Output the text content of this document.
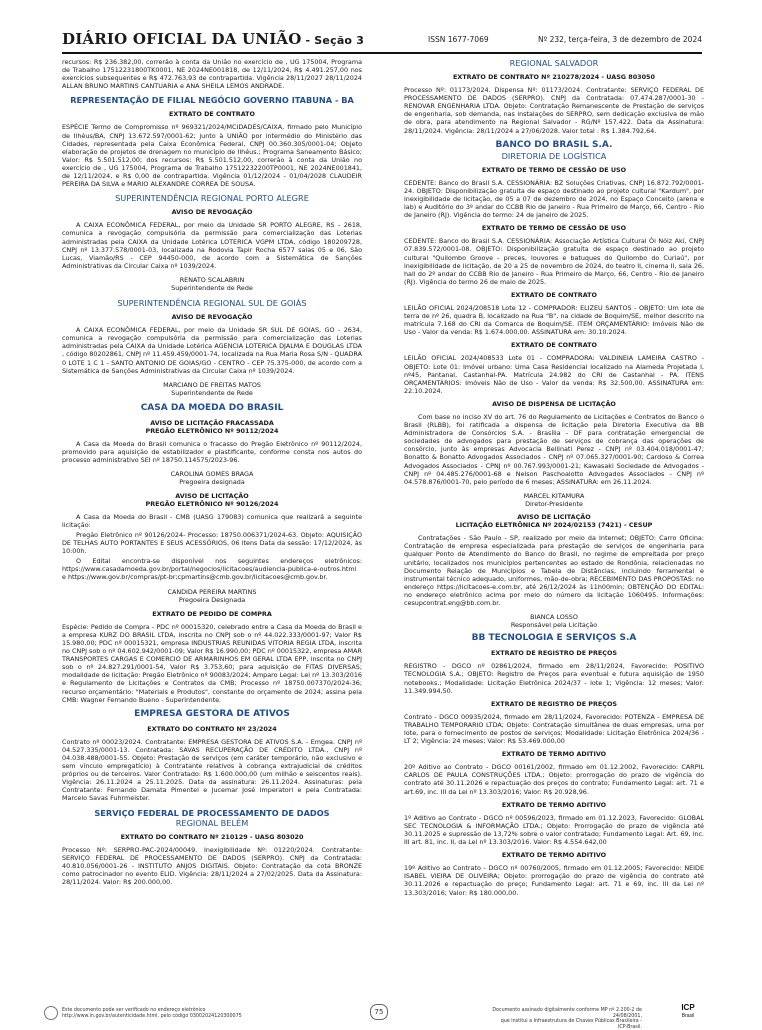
DIÁRIO OFICIAL DA UNIÃO - Seção 3	ISSN 1677-7069	Nº 232, terça-feira, 3 de dezembro de 2024

recursos: R$ 236.382,00, correrão à conta da União no exercício de , UG 175004, Programa de Trabalho 17512231800TK0001, NE 2024NE001818, de 12/11/2024, R$ 4.491.257,00 nos exercícios subsequentes e R$ 472.763,93 de contrapartida. Vigência 28/11/2027 28/11/2024 ALLAN BRUNO MARTINS CANTUARIA e ANA SHEILA LEMOS ANDRADE.

REPRESENTAÇÃO DE FILIAL NEGÓCIO GOVERNO ITABUNA - BA
EXTRATO DE CONTRATO

ESPÉCIE Termo de Compromisso nº 969321/2024/MCIDADES/CAIXA, firmado pelo Município de Ilhéus/BA, CNPJ 13.672.597/0001-62; junto à UNIÃO por intermédio do Ministério das Cidades, representada pela Caixa Econômica Federal, CNPJ 00.360.305/0001-04; Objeto elaboração de projetos de drenagem no município de Ilhéus.; Programa Saneamento Básico; Valor: R$ 5.501.512,00; dos recursos: R$ 5.501.512,00, correrão à conta da União no exercício de , UG 175004, Programa de Trabalho 17512232200TP0001, NE 2024NE001841, de 12/11/2024, e R$ 0,00 de contrapartida. Vigência 01/12/2024 - 01/04/2028 CLAUDEIR PEREIRA DA SILVA e MARIO ALEXANDRE CORREA DE SOUSA.

SUPERINTENDÊNCIA REGIONAL PORTO ALEGRE
AVISO DE REVOGAÇÃO

A CAIXA ECONÔMICA FEDERAL, por meio da Unidade SR PORTO ALEGRE, RS - 2618, comunica a revogação compulsória da permissão para comercialização das Loterias administradas pela CAIXA da Unidade Lotérica LOTERICA VGPM LTDA, código 180209728, CNPJ nº 13.377.578/0001-03, localizada na Rodovia Tapir Rocha 6577 salas 05 e 06, São Lucas, Viamão/RS - CEP 94450-000, de acordo com a Sistemática de Sanções Administrativas da Circular Caixa nº 1039/2024.

RENATO SCALABRIN
Superintendente de Rede
SUPERINTENDÊNCIA REGIONAL SUL DE GOIÁS
AVISO DE REVOGAÇÃO

A CAIXA ECONÔMICA FEDERAL, por meio da Unidade SR SUL DE GOIAS, GO - 2634, comunica a revogação compulsória da permissão para comercialização das Loterias administradas pela CAIXA da Unidade Lotérica AGENCIA LOTERICA DJALMA E DOUGLAS LTDA , código 80202861, CNPJ nº 11.459.459/0001-74, localizada na Rua Maria Rosa S/N - QUADRA 0 LOTE 1 C 1 - SANTO ANTONIO DE GOIAS/GO - CENTRO - CEP 75.375-000, de acordo com a Sistemática de Sanções Administrativas da Circular Caixa nº 1039/2024.

MARCIANO DE FREITAS MATOS
Superintendente de Rede
CASA DA MOEDA DO BRASIL
AVISO DE LICITAÇÃO FRACASSADA
PREGÃO ELETRÔNICO Nº 90112/2024

A Casa da Moeda do Brasil comunica o fracasso do Pregão Eletrônico nº 90112/2024, promovido para aquisição de estabilizador e plastificante, conforme consta nos autos do processo administrativo SEI nº 18750.114575/2023-96.

CAROLINA GOMES BRAGA
Pregoeira designada
AVISO DE LICITAÇÃO
PREGÃO ELETRÔNICO Nº 90126/2024

A Casa da Moeda do Brasil - CMB (UASG 179083) comunica que realizará a seguinte licitação:

Pregão Eletrônico nº 90126/2024- Processo: 18750.006371/2024-63. Objeto: AQUISIÇÃO DE TELHAS AUTO PORTANTES E SEUS ACESSÓRIOS, 06 itens Data da sessão: 17/12/2024, às 10:00h.

O Edital encontra-se disponível nos seguintes endereços eletrônicos: https://www.casadamoeda.gov.br/portal/negocios/licitacoes/audiencia-publica-e-outros.html e https://www.gov.br/compras/pt-br;cpmartins@cmb.gov.br/licitacoes@cmb.gov.br.

CANDIDA PEREIRA MARTINS
Pregoeira Designada
EXTRATO DE PEDIDO DE COMPRA

Espécie: Pedido de Compra - PDC nº 00015320, celebrado entre a Casa da Moeda do Brasil e a empresa KURZ DO BRASIL LTDA, inscrita no CNPJ sob o nº 44.022.333/0001-97; Valor R$ 15.980,00; PDC nº 00015321, empresa INDUSTRIAS REUNIDAS VITORIA REGIA LTDA, inscrita no CNPJ sob o nº 04.602.942/0001-09; Valor R$ 16.990,00; PDC nº 00015322, empresa AMAR TRANSPORTES CARGAS E COMERCIO DE ARMARINHOS EM GERAL LTDA EPP, inscrita no CNPJ sob o nº 24.827.291/0001-54, Valor R$ 3.753,60; para aquisição de FITAS DIVERSAS; modalidade de licitação: Pregão Eletrônico nº 90083/2024; Amparo Legal: Lei nº 13.303/2016 e Regulamento de Licitações e Contratos da CMB; Processo nº 18750.007370/2024-36; recurso orçamentário: "Materiais e Produtos", constante do orçamento de 2024; assina pela CMB: Wagner Fernando Bueno - Superintendente.

EMPRESA GESTORA DE ATIVOS
EXTRATO DO CONTRATO Nº 23/2024

Contrato nº 00023/2024. Contratante: EMPRESA GESTORA DE ATIVOS S.A. - Emgea. CNPJ nº 04.527.335/0001-13. Contratada: SAVAS RECUPERAÇÃO DE CRÉDITO LTDA., CNPJ nº 04.038.488/0001-55. Objeto: Prestação de serviços (em caráter temporário, não exclusivo e sem vínculo empregatício) à Contratante relativos à cobrança extrajudicial de créditos próprios ou de terceiros. Valor Contratado: R$ 1.600.000,00 (um milhão e seiscentos reais). Vigência: 26.11.2024 a 25.11.2025. Data da assinatura: 26.11.2024. Assinaturas: pela Contratante: Fernando Damata Pimentel e Jucemar José Imperatori e pela Contratada: Marcelo Savas Fuhrmeister.

SERVIÇO FEDERAL DE PROCESSAMENTO DE DADOS
REGIONAL BELÉM
EXTRATO DO CONTRATO Nº 210129 - UASG 803020

Processo Nº: SERPRO-PAC-2024/00049. Inexigibilidade Nº: 01220/2024. Contratante: SERVIÇO FEDERAL DE PROCESSAMENTO DE DADOS (SERPRO). CNPJ da Contratada: 40.810.056/0001-26 - INSTITUTO ANJOS DIGITAIS. Objeto: Contratação da cota BRONZE como patrocinador no evento ELID. Vigência: 28/11/2024 a 27/02/2025. Data da Assinatura: 28/11/2024. Valor: R$ 200.000,00.

REGIONAL SALVADOR
EXTRATO DE CONTRATO Nº 210278/2024 - UASG 803050

Processo Nº: 01173/2024. Dispensa Nº: 01173/2024. Contratante: SERVIÇO FEDERAL DE PROCESSAMENTO DE DADOS (SERPRO). CNPJ da Contratada: 07.474.287/0001-30 - RENOVAR ENGENHARIA LTDA. Objeto: Contratação Remanescente de Prestação de serviços de engenharia, sob demanda, nas instalações do SERPRO, sem dedicação exclusiva de mão de obra, para atendimento na Regional Salvador - RG/Nº 157.422. Data da Assinatura: 28/11/2024. Vigência: 28/11/2024 a 27/06/2028. Valor total : R$ 1.384.792,64.

BANCO DO BRASIL S.A.
DIRETORIA DE LOGÍSTICA
EXTRATO DE TERMO DE CESSÃO DE USO

CEDENTE: Banco do Brasil S.A. CESSIONÁRIA: BZ Soluções Criativas, CNPJ 16.872.792/0001-24. OBJETO: Disponibilização gratuita de espaço destinado ao projeto cultural "Kardum", por inexigibilidade de licitação, de 05 a 07 de dezembro de 2024, no Espaço Conceito (arena e lab) e Auditório do 3º andar do CCBB Rio de Janeiro - Rua Primeiro de Março, 66, Centro - Rio de Janeiro (RJ). Vigência do termo: 24 de janeiro de 2025.

EXTRATO DE TERMO DE CESSÃO DE USO

CEDENTE: Banco do Brasil S.A. CESSIONÁRIA: Associação Artística Cultural Ói Nóiz Akí, CNPJ 07.839.572/0001-08. OBJETO: Disponibilização gratuita de espaço destinado ao projeto cultural "Quilombo Groove - preces, louvores e batuques do Quilombo do Curiaú", por inexigibilidade de licitação, de 20 a 25 de novembro de 2024, do teatro II, cinema II, sala 26, hall do 2º andar do CCBB Rio de Janeiro - Rua Primeiro de Março, 66, Centro - Rio de Janeiro (RJ). Vigência do termo 26 de maio de 2025.

EXTRATO DE CONTRATO

LEILÃO OFICIAL 2024/208518 Lote 12 - COMPRADOR: ELIZEU SANTOS - OBJETO: Um lote de terra de nº 26, quadra B, localizado na Rua "B", na cidade de Boquim/SE, melhor descrito na matrícula 7.168 do CRI da Comarca de Boquim/SE. ITEM ORÇAMENTÁRIO: Imóveis Não de Uso - Valor da venda: R$ 1.674.000,00. ASSINATURA em: 30.10.2024.

EXTRATO DE CONTRATO

LEILÃO OFICIAL 2024/408533 Lote 01 - COMPRADORA: VALDINEIA LAMEIRA CASTRO - OBJETO: Lote 01: Imóvel urbano: Uma Casa Residencial localizado na Alameda Projetada I, nº45, Pantanal, Castanhal-PA. Matrícula 24.982 do CRI de Castanhal - PA. ITENS ORÇAMENTÁRIOS: Imóveis Não de Uso - Valor da venda: R$ 32.500,00. ASSINATURA em: 22.10.2024.

AVISO DE DISPENSA DE LICITAÇÃO

Com base no inciso XV do art. 76 do Regulamento de Licitações e Contratos do Banco o Brasil (RLBB), foi ratificada a dispensa de licitação pela Diretoria Executiva da BB Administradora de Consórcios S.A. - Brasília - DF para contratação emergencial de sociedades de advogados para prestação de serviços de cobrança das operações de consórcio, junto às empresas Advocacia Bellinati Perez - CNPJ nº 03.404.018/0001-47; Bonatto & Bonatto Advogados Associados - CNPJ nº 07.065.327/0001-90; Cardoso & Correa Advogados Associados - CPNJ nº 00.767.993/0001-21; Kawasaki Sociedade de Advogados - CNPJ nº 04.485.276/0001-68 e Nelson Paschoalotto Advogados Associados - CNPJ nº 04.578.876/0001-70, pelo período de 6 meses; ASSINATURA: em 26.11.2024.

MARCEL KITAMURA
Diretor-Presidente
AVISO DE LICITAÇÃO
LICITAÇÃO ELETRÔNICA Nº 2024/02153 (7421) - CESUP

Contratações - São Paulo - SP, realizado por meio da Internet; OBJETO: Carro Oficina: Contratação de empresa especializada para prestação de serviços de engenharia para qualquer Ponto de Atendimento do Banco do Brasil, no regime de empreitada por preço unitário, localizados nos municípios pertencentes ao estado de Rondônia, relacionadas no Documento Relação de Municípios e Tabela de Distâncias, incluindo ferramental e instrumental técnico adequado, uniformes, mão-de-obra; RECEBIMENTO DAS PROPOSTAS: no endereço https://licitacoes-e.com.br, até 26/12/2024 às 11h00min; OBTENÇÃO DO EDITAL: no endereço eletrônico acima por meio do número da licitação 1060495. Informações: cesupcontrat.eng@bb.com.br.

BIANCA LOSSO
Responsável pela Licitação
BB TECNOLOGIA E SERVIÇOS S.A
EXTRATO DE REGISTRO DE PREÇOS

REGISTRO - DGCO nº 02861/2024, firmado em 28/11/2024, Favorecido: POSITIVO TECNOLOGIA S.A.; OBJETO: Registro de Preços para eventual e futura aquisição de 1950 notebooks.; Modalidade: Licitação Eletrônica 2024/37 - lote 1; Vigência: 12 meses; Valor: 11.349.994,50.

EXTRATO DE REGISTRO DE PREÇOS

Contrato - DGCO 00935/2024, firmado em 28/11/2024, Favorecido: POTENZA - EMPRESA DE TRABALHO TEMPORARIO LTDA; Objeto: Contratação simultânea de duas empresas, uma por lote, para o fornecimento de postos de serviços; Modalidade: Licitação Eletrônica 2024/36 - LT 2; Vigência: 24 meses; Valor: R$ 53.469.000,00

EXTRATO DE TERMO ADITIVO

20º Aditivo ao Contrato - DGCO 00161/2002, firmado em 01.12.2002, Favorecido: CARPIL CARLOS DE PAULA CONSTRUÇÕES LTDA.; Objeto: prorrogação do prazo de vigência do contrato até 30.11.2026 e repactuação dos preços do contrato; Fundamento Legal: art. 71 e art.69, inc. III da Lei nº 13.303/2016; Valor: R$ 20.928,96.

EXTRATO DE TERMO ADITIVO

1º Aditivo ao Contrato - DGCO nº 00596/2023, firmado em 01.12.2023, Favorecido: GLOBAL SEC TECNOLOGIA & INFORMAÇÃO LTDA.; Objeto: Prorrogação do prazo de vigência até 30.11.2025 e supressão de 13,72% sobre o valor contratado; Fundamento Legal: Art. 69, inc. III art. 81, inc. II, da Lei nº 13.303/2016. Valor: R$ 4.554.642,00

EXTRATO DE TERMO ADITIVO

19º Aditivo ao Contrato - DGCO nº 00760/2005, firmado em 01.12.2005; Favorecido: NEIDE ISABEL VIEIRA DE OLIVEIRA; Objeto: prorrogação do prazo de vigência do contrato até 30.11.2026 e repactuação do preço; Fundamento Legal: art. 71 e 69, inc. III da Lei nº 13.303/2016; Valor: R$ 180.000,00.

Este documento pode ser verificado no endereço eletrônico
http://www.in.gov.br/autenticidade.html, pelo código 03002024120300075
75	Documento assinado digitalmente conforme MP nº 2.200-2 de 24/08/2001,
que institui a Infraestrutura de Chaves Públicas Brasileira - ICP-Brasil.
ICP
Brasil
